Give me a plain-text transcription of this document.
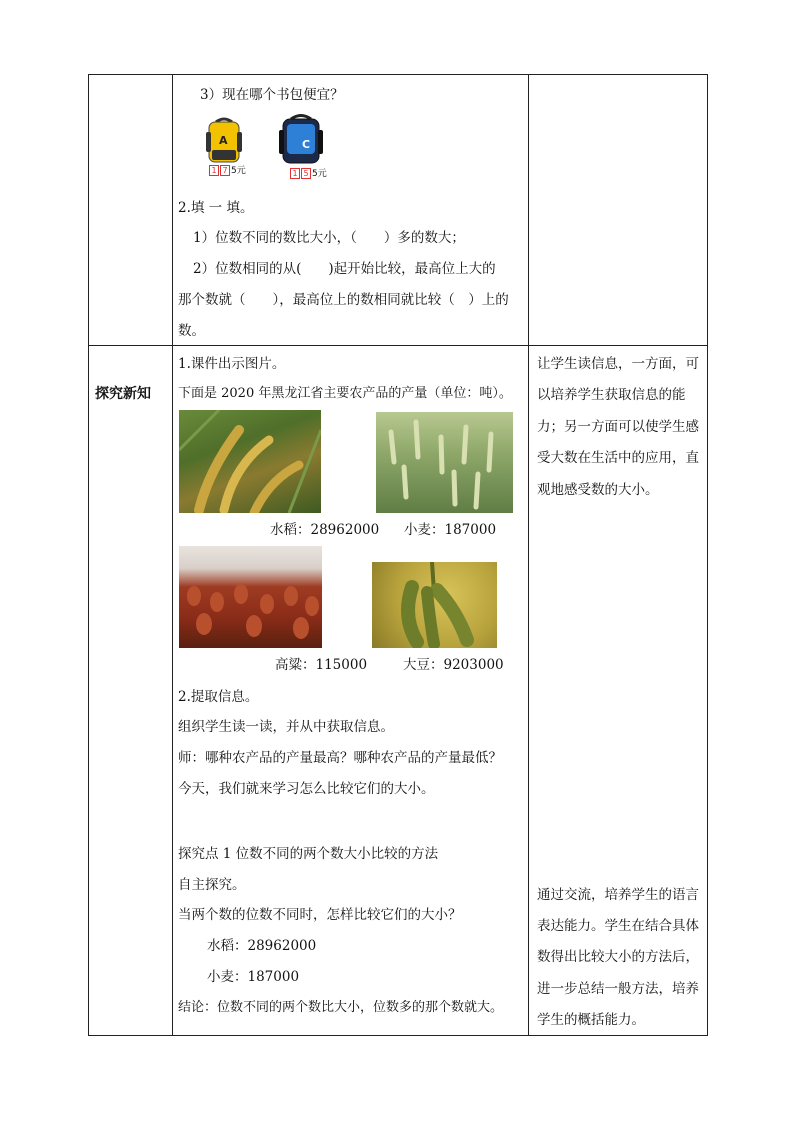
3）现在哪个书包便宜？
A
1 7 5元
C
1 5 5元
2.填 一 填。
1）位数不同的数比大小，（　　）多的数大；
2）位数相同的从(　　)起开始比较，最高位上大的
那个数就（　　），最高位上的数相同就比较（　）上的
数。
探究新知
1.课件出示图片。
下面是 2020 年黑龙江省主要农产品的产量（单位：吨）。
水稻：28962000 小麦：187000
高粱：115000	大豆：9203000
2.提取信息。
组织学生读一读，并从中获取信息。
师：哪种农产品的产量最高？哪种农产品的产量最低？
今天，我们就来学习怎么比较它们的大小。
探究点 1 位数不同的两个数大小比较的方法
自主探究。
当两个数的位数不同时，怎样比较它们的大小？
水稻：28962000
小麦：187000
结论：位数不同的两个数比大小，位数多的那个数就大。
让学生读信息，一方面，可
以培养学生获取信息的能
力；另一方面可以使学生感
受大数在生活中的应用，直
观地感受数的大小。
通过交流，培养学生的语言
表达能力。学生在结合具体
数得出比较大小的方法后，
进一步总结一般方法，培养
学生的概括能力。
